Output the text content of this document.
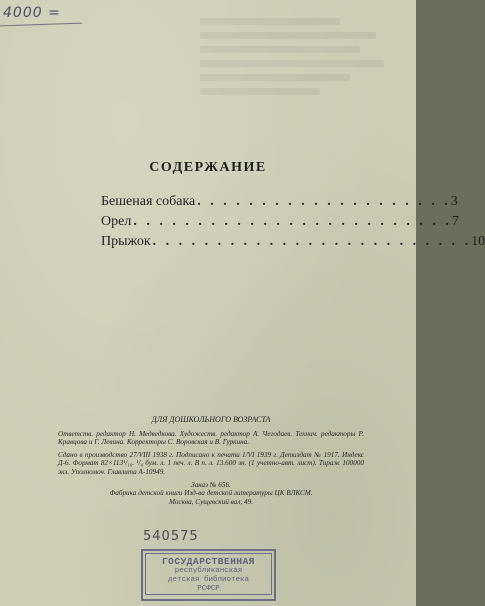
4000 =
СОДЕРЖАНИЕ
Бешеная собака . . . . . . . . . . . . . . . . . . . . 3
Орел . . . . . . . . . . . . . . . . . . . . . . . . . 7
Прыжок . . . . . . . . . . . . . . . . . . . . . . . . . 10
ДЛЯ ДОШКОЛЬНОГО ВОЗРАСТА

Ответств. редактор Н. Медведкова. Художеств. редактор А. Чегодаев. Технич. редакторы Р. Кравцова и Г. Левина. Корректоры С. Воровская и В. Гуркина.

Сдано в производство 27/VIII 1938 г. Подписано к печати 1/VI 1939 г. Детиздат № 1917. Индекс Д-6. Формат 82×113¹/₁₆. ¹/₄ бум. л. 1 печ. л. В п. л. 13.600 зн. (1 учетно-авт. лист). Тираж 100000 экз. Уполномоч. Главлита А-10949.

Заказ № 656.

Фабрика детской книги Изд-ва детской литературы ЦК ВЛКСМ.

Москва, Сущевский вал, 49.

540575
ГОСУДАРСТВЕННАЯ
республиканская
детская библиотека
РСФСР
